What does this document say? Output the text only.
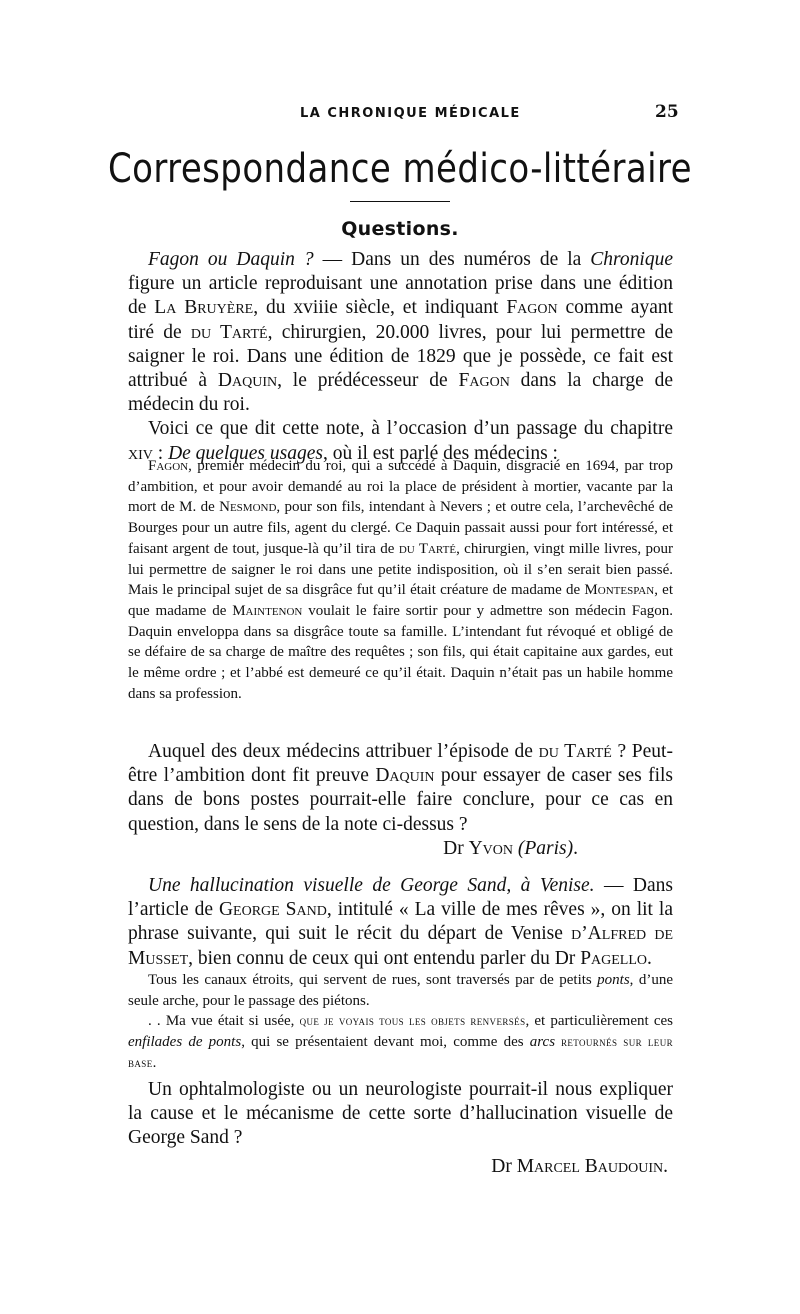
LA CHRONIQUE MÉDICALE	25
Correspondance médico-littéraire
Questions.

Fagon ou Daquin ? — Dans un des numéros de la Chronique figure un article reproduisant une annotation prise dans une édition de La Bruyère, du xviiie siècle, et indiquant Fagon comme ayant tiré de du Tarté, chirurgien, 20.000 livres, pour lui permettre de saigner le roi. Dans une édition de 1829 que je possède, ce fait est attribué à Daquin, le prédécesseur de Fagon dans la charge de médecin du roi.

Voici ce que dit cette note, à l’occasion d’un passage du chapitre xiv : De quelques usages, où il est parlé des médecins :

Fagon, premier médecin du roi, qui a succédé à Daquin, disgracié en 1694, par trop d’ambition, et pour avoir demandé au roi la place de président à mortier, vacante par la mort de M. de Nesmond, pour son fils, intendant à Nevers ; et outre cela, l’archevêché de Bourges pour un autre fils, agent du clergé. Ce Daquin passait aussi pour fort intéressé, et faisant argent de tout, jusque-là qu’il tira de du Tarté, chirurgien, vingt mille livres, pour lui permettre de saigner le roi dans une petite indisposition, où il s’en serait bien passé. Mais le principal sujet de sa disgrâce fut qu’il était créature de madame de Montespan, et que madame de Maintenon voulait le faire sortir pour y admettre son médecin Fagon. Daquin enveloppa dans sa disgrâce toute sa famille. L’intendant fut révoqué et obligé de se défaire de sa charge de maître des requêtes ; son fils, qui était capitaine aux gardes, eut le même ordre ; et l’abbé est demeuré ce qu’il était. Daquin n’était pas un habile homme dans sa profession.

Auquel des deux médecins attribuer l’épisode de du Tarté ? Peut-être l’ambition dont fit preuve Daquin pour essayer de caser ses fils dans de bons postes pourrait-elle faire conclure, pour ce cas en question, dans le sens de la note ci-dessus ?

Dr Yvon (Paris).

Une hallucination visuelle de George Sand, à Venise. — Dans l’article de George Sand, intitulé « La ville de mes rêves », on lit la phrase suivante, qui suit le récit du départ de Venise d’Alfred de Musset, bien connu de ceux qui ont entendu parler du Dr Pagello.

Tous les canaux étroits, qui servent de rues, sont traversés par de petits ponts, d’une seule arche, pour le passage des piétons.

. . Ma vue était si usée, que je voyais tous les objets renversés, et particulièrement ces enfilades de ponts, qui se présentaient devant moi, comme des arcs retournés sur leur base.

Un ophtalmologiste ou un neurologiste pourrait-il nous expliquer la cause et le mécanisme de cette sorte d’hallucination visuelle de George Sand ?

Dr Marcel Baudouin.
